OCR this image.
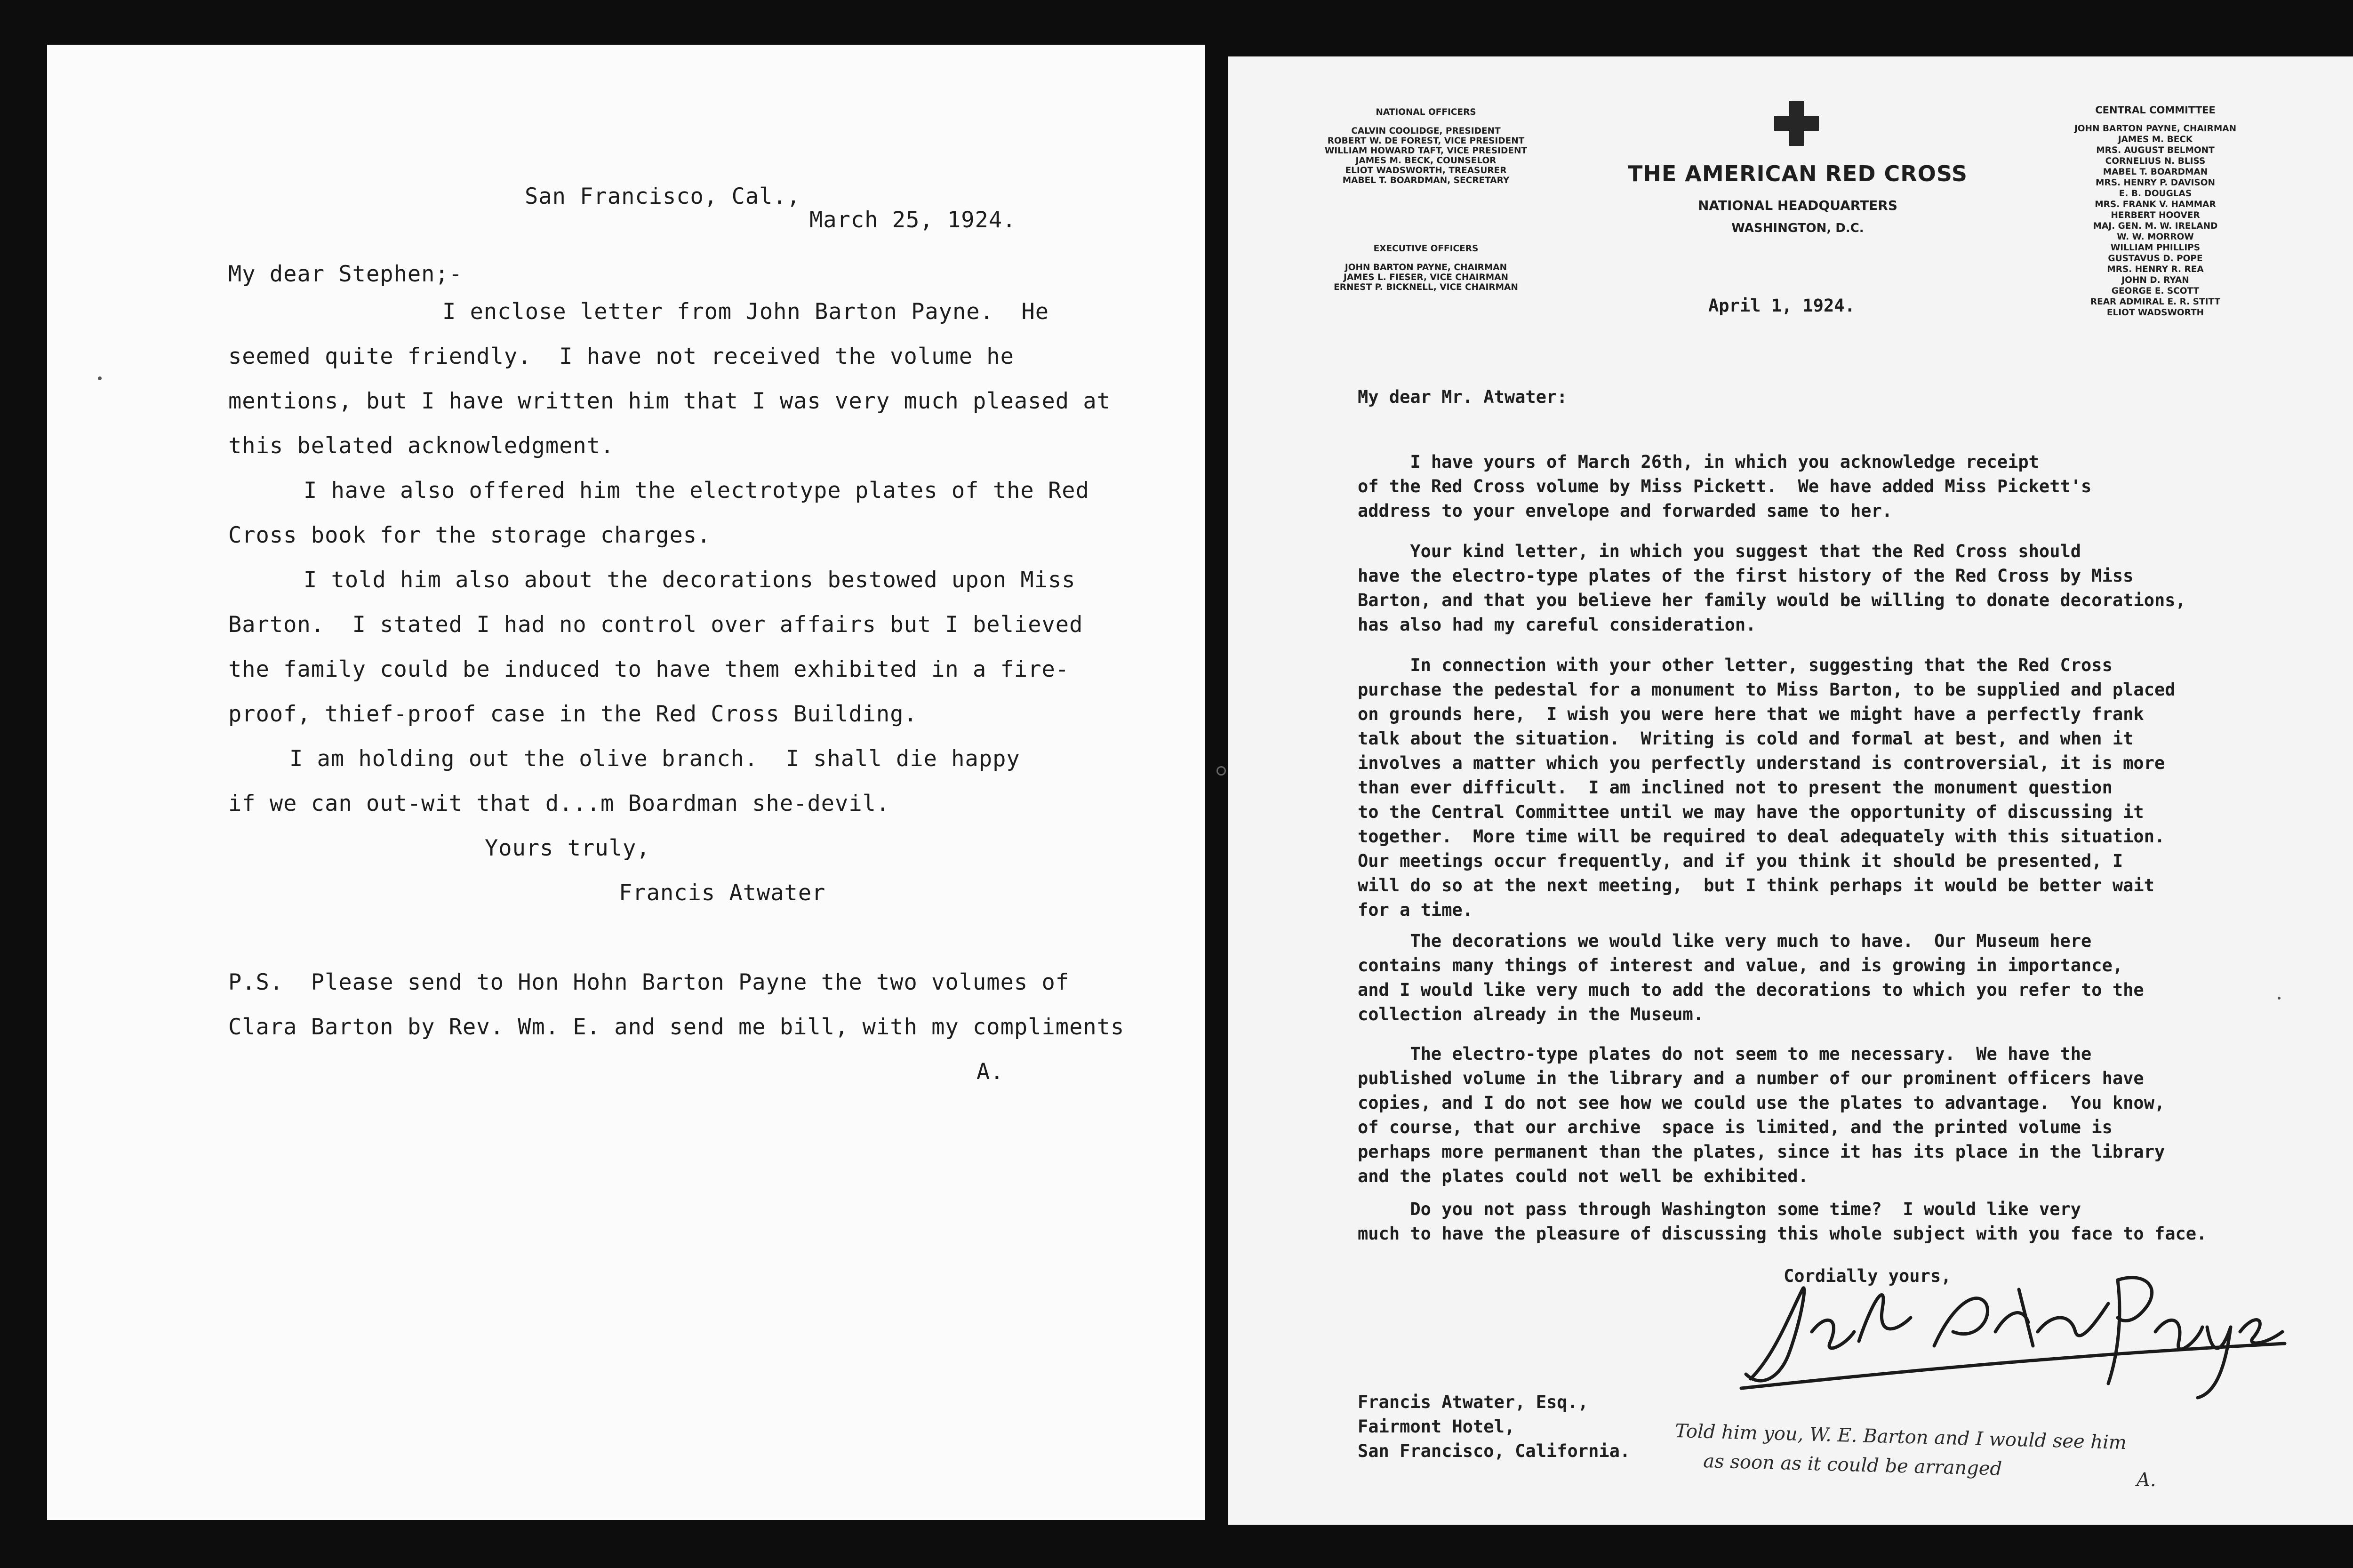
San Francisco, Cal.,
March 25, 1924.
My dear Stephen;-
I enclose letter from John Barton Payne.  He
seemed quite friendly.  I have not received the volume he
mentions, but I have written him that I was very much pleased at
this belated acknowledgment.
I have also offered him the electrotype plates of the Red
Cross book for the storage charges.
I told him also about the decorations bestowed upon Miss
Barton.  I stated I had no control over affairs but I believed
the family could be induced to have them exhibited in a fire-
proof, thief-proof case in the Red Cross Building.
I am holding out the olive branch.  I shall die happy
if we can out-wit that d...m Boardman she-devil.
Yours truly,
Francis Atwater
P.S.  Please send to Hon Hohn Barton Payne the two volumes of
Clara Barton by Rev. Wm. E. and send me bill, with my compliments
A.
NATIONAL OFFICERS
CALVIN COOLIDGE, PRESIDENT
ROBERT W. DE FOREST, VICE PRESIDENT
WILLIAM HOWARD TAFT, VICE PRESIDENT
JAMES M. BECK, COUNSELOR
ELIOT WADSWORTH, TREASURER
MABEL T. BOARDMAN, SECRETARY
EXECUTIVE OFFICERS
JOHN BARTON PAYNE, CHAIRMAN
JAMES L. FIESER, VICE CHAIRMAN
ERNEST P. BICKNELL, VICE CHAIRMAN
THE AMERICAN RED CROSS
NATIONAL HEADQUARTERS
WASHINGTON, D.C.
CENTRAL COMMITTEE
JOHN BARTON PAYNE, CHAIRMAN
JAMES M. BECK
MRS. AUGUST BELMONT
CORNELIUS N. BLISS
MABEL T. BOARDMAN
MRS. HENRY P. DAVISON
E. B. DOUGLAS
MRS. FRANK V. HAMMAR
HERBERT HOOVER
MAJ. GEN. M. W. IRELAND
W. W. MORROW
WILLIAM PHILLIPS
GUSTAVUS D. POPE
MRS. HENRY R. REA
JOHN D. RYAN
GEORGE E. SCOTT
REAR ADMIRAL E. R. STITT
ELIOT WADSWORTH
April 1, 1924.
My dear Mr. Atwater:
I have yours of March 26th, in which you acknowledge receipt
of the Red Cross volume by Miss Pickett.  We have added Miss Pickett's
address to your envelope and forwarded same to her.
Your kind letter, in which you suggest that the Red Cross should
have the electro-type plates of the first history of the Red Cross by Miss
Barton, and that you believe her family would be willing to donate decorations,
has also had my careful consideration.
In connection with your other letter, suggesting that the Red Cross
purchase the pedestal for a monument to Miss Barton, to be supplied and placed
on grounds here,  I wish you were here that we might have a perfectly frank
talk about the situation.  Writing is cold and formal at best, and when it
involves a matter which you perfectly understand is controversial, it is more
than ever difficult.  I am inclined not to present the monument question
to the Central Committee until we may have the opportunity of discussing it
together.  More time will be required to deal adequately with this situation.
Our meetings occur frequently, and if you think it should be presented, I
will do so at the next meeting,  but I think perhaps it would be better wait
for a time.
The decorations we would like very much to have.  Our Museum here
contains many things of interest and value, and is growing in importance,
and I would like very much to add the decorations to which you refer to the
collection already in the Museum.
The electro-type plates do not seem to me necessary.  We have the
published volume in the library and a number of our prominent officers have
copies, and I do not see how we could use the plates to advantage.  You know,
of course, that our archive  space is limited, and the printed volume is
perhaps more permanent than the plates, since it has its place in the library
and the plates could not well be exhibited.
Do you not pass through Washington some time?  I would like very
much to have the pleasure of discussing this whole subject with you face to face.
Cordially yours,
Francis Atwater, Esq.,
Fairmont Hotel,
San Francisco, California. Told him you, W. E. Barton and I would see him
as soon as it could be arranged
A.
